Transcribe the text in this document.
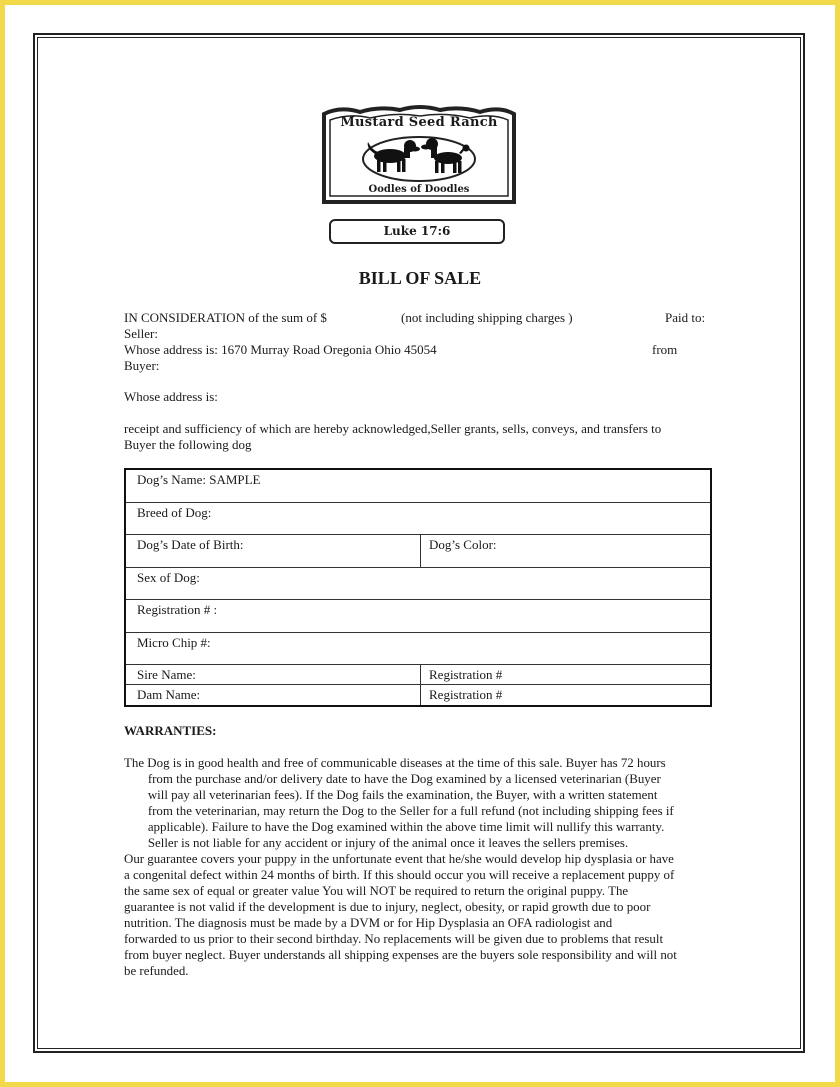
Mustard Seed Ranch
Oodles of Doodles
Luke 17:6
BILL OF SALE
IN CONSIDERATION of the sum of $	(not including shipping charges )	Paid to:
Seller:
Whose address is: 1670 Murray Road Oregonia Ohio 45054	from
Buyer:
Whose address is:
receipt and sufficiency of which are hereby acknowledged,Seller grants, sells, conveys, and transfers to
Buyer the following dog
Dog’s Name: SAMPLE
Breed of Dog:
Dog’s Date of Birth:	Dog’s Color:
Sex of Dog:
Registration # :
Micro Chip #:
Sire Name:	Registration #
Dam Name:	Registration #
WARRANTIES:
The Dog is in good health and free of communicable diseases at the time of this sale. Buyer has 72 hours
from the purchase and/or delivery date to have the Dog examined by a licensed veterinarian (Buyer
will pay all veterinarian fees). If the Dog fails the examination, the Buyer, with a written statement
from the veterinarian, may return the Dog to the Seller for a full refund (not including shipping fees if
applicable). Failure to have the Dog examined within the above time limit will nullify this warranty.
Seller is not liable for any accident or injury of the animal once it leaves the sellers premises.
Our guarantee covers your puppy in the unfortunate event that he/she would develop hip dysplasia or have
a congenital defect within 24 months of birth. If this should occur you will receive a replacement puppy of
the same sex of equal or greater value You will NOT be required to return the original puppy. The
guarantee is not valid if the development is due to injury, neglect, obesity, or rapid growth due to poor
nutrition. The diagnosis must be made by a DVM or for Hip Dysplasia an OFA radiologist and
forwarded to us prior to their second birthday. No replacements will be given due to problems that result
from buyer neglect. Buyer understands all shipping expenses are the buyers sole responsibility and will not
be refunded.
